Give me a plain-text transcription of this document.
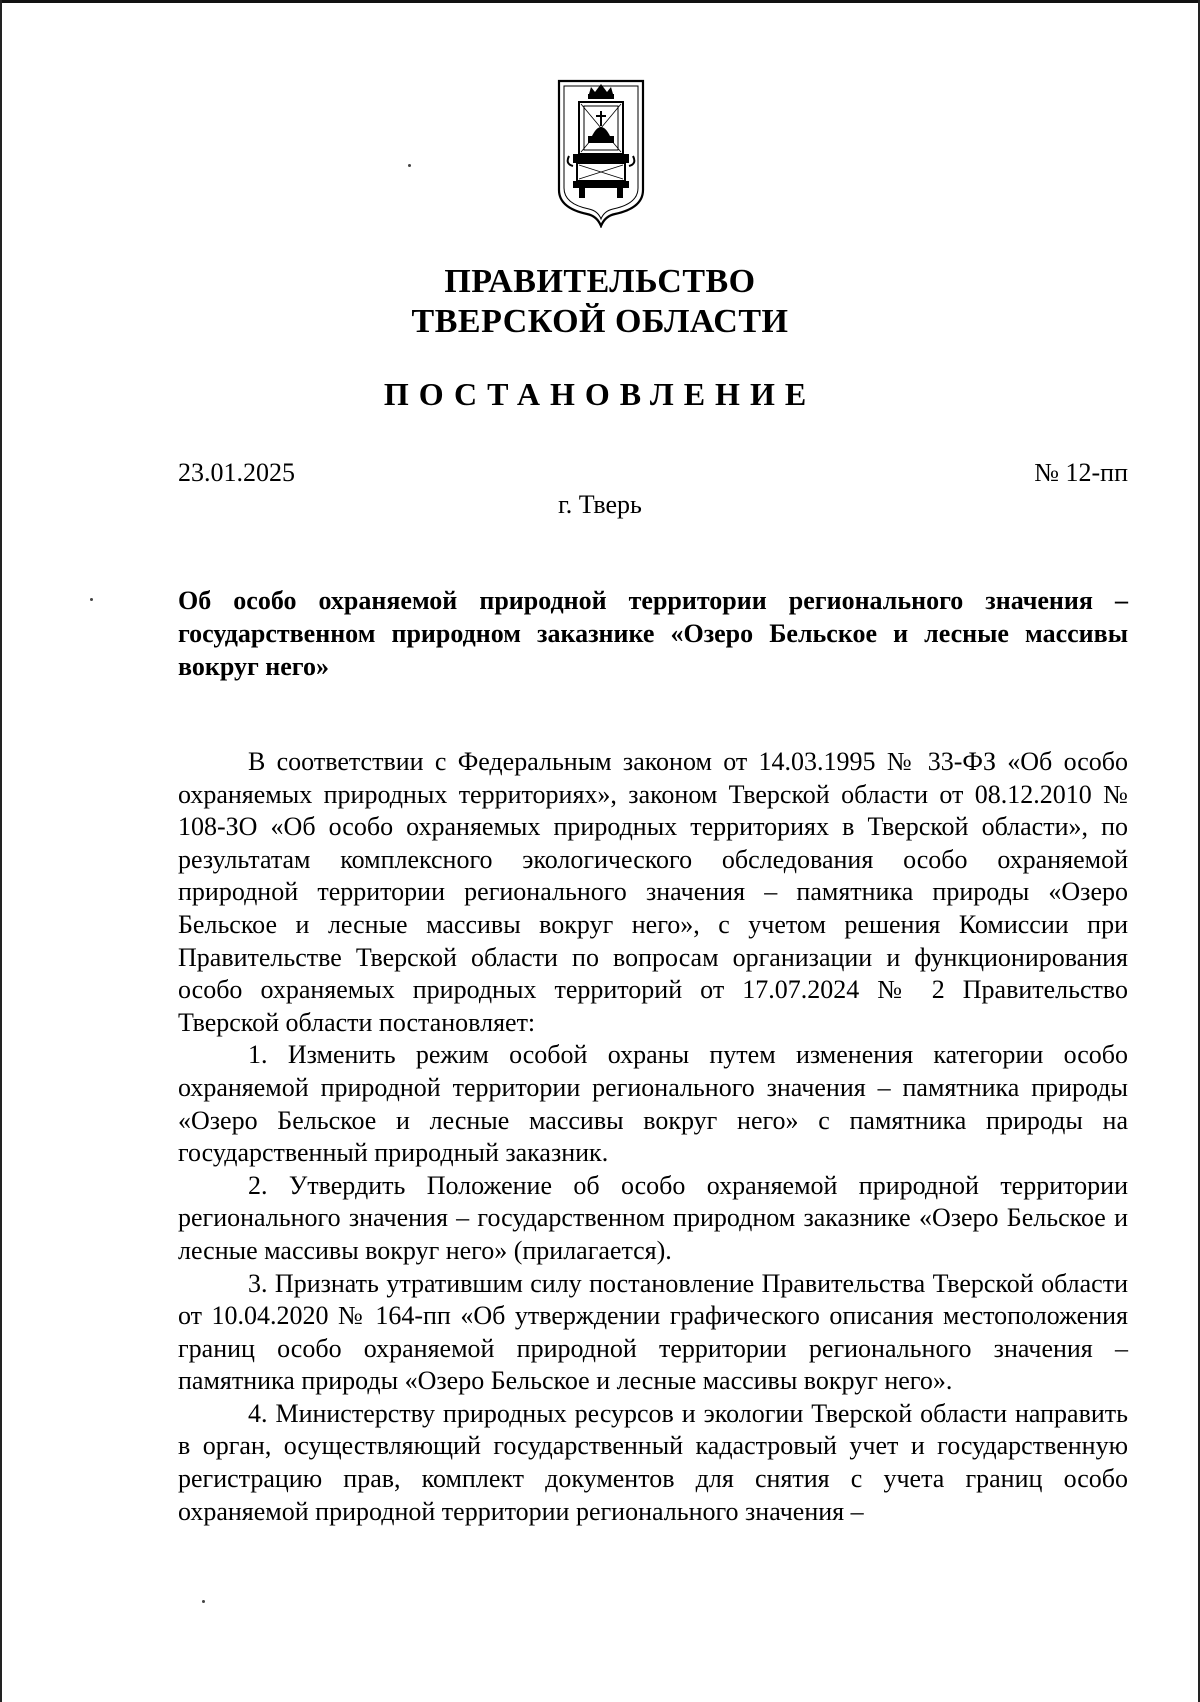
ПРАВИТЕЛЬСТВО
ТВЕРСКОЙ ОБЛАСТИ
ПОСТАНОВЛЕНИЕ
23.01.2025	№ 12-пп
г. Тверь
Об особо охраняемой природной территории регионального значения – государственном природном заказнике «Озеро Бельское и лесные массивы вокруг него»

В соответствии с Федеральным законом от 14.03.1995 № 33-ФЗ «Об особо охраняемых природных территориях», законом Тверской области от 08.12.2010 № 108-ЗО «Об особо охраняемых природных территориях в Тверской области», по результатам комплексного экологического обследования особо охраняемой природной территории регионального значения – памятника природы «Озеро Бельское и лесные массивы вокруг него», с учетом решения Комиссии при Правительстве Тверской области по вопросам организации и функционирования особо охраняемых природных территорий от 17.07.2024 № 2 Правительство Тверской области постановляет:

1. Изменить режим особой охраны путем изменения категории особо охраняемой природной территории регионального значения – памятника природы «Озеро Бельское и лесные массивы вокруг него» с памятника природы на государственный природный заказник.

2. Утвердить Положение об особо охраняемой природной территории регионального значения – государственном природном заказнике «Озеро Бельское и лесные массивы вокруг него» (прилагается).

3. Признать утратившим силу постановление Правительства Тверской области от 10.04.2020 № 164-пп «Об утверждении графического описания местоположения границ особо охраняемой природной территории регионального значения – памятника природы «Озеро Бельское и лесные массивы вокруг него».

4. Министерству природных ресурсов и экологии Тверской области направить в орган, осуществляющий государственный кадастровый учет и государственную регистрацию прав, комплект документов для снятия с учета границ особо охраняемой природной территории регионального значения –
